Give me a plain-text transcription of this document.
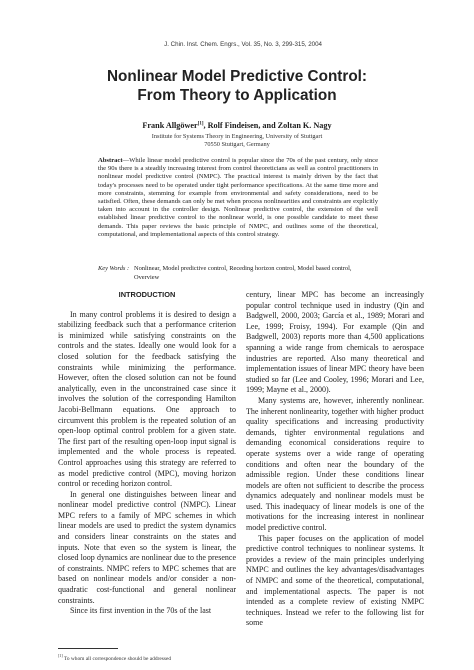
J. Chin. Inst. Chem. Engrs., Vol. 35, No. 3, 299-315, 2004
Nonlinear Model Predictive Control:
From Theory to Application
Frank Allgöwer[1], Rolf Findeisen, and Zoltan K. Nagy
Institute for Systems Theory in Engineering, University of Stuttgart
70550 Stuttgart, Germany
Abstract—While linear model predictive control is popular since the 70s of the past century, only since the 90s there is a steadily increasing interest from control theoreticians as well as control practitioners in nonlinear model predictive control (NMPC). The practical interest is mainly driven by the fact that today's processes need to be operated under tight performance specifications. At the same time more and more constraints, stemming for example from environmental and safety considerations, need to be satisfied. Often, these demands can only be met when process nonlinearities and constraints are explicitly taken into account in the controller design. Nonlinear predictive control, the extension of the well established linear predictive control to the nonlinear world, is one possible candidate to meet these demands. This paper reviews the basic principle of NMPC, and outlines some of the theoretical, computational, and implementational aspects of this control strategy.
Key Words : Nonlinear, Model predictive control, Receding horizon control, Model based control, Overview
INTRODUCTION

In many control problems it is desired to design a stabilizing feedback such that a performance criterion is minimized while satisfying constraints on the controls and the states. Ideally one would look for a closed solution for the feedback satisfying the constraints while minimizing the performance. However, often the closed solution can not be found analytically, even in the unconstrained case since it involves the solution of the corresponding Hamilton Jacobi-Bellmann equations. One approach to circumvent this problem is the repeated solution of an open-loop optimal control problem for a given state. The first part of the resulting open-loop input signal is implemented and the whole process is repeated. Control approaches using this strategy are referred to as model predictive control (MPC), moving horizon control or receding horizon control.

In general one distinguishes between linear and nonlinear model predictive control (NMPC). Linear MPC refers to a family of MPC schemes in which linear models are used to predict the system dynamics and considers linear constraints on the states and inputs. Note that even so the system is linear, the closed loop dynamics are nonlinear due to the presence of constraints. NMPC refers to MPC schemes that are based on nonlinear models and/or consider a non-quadratic cost-functional and general nonlinear constraints.

Since its first invention in the 70s of the last

century, linear MPC has become an increasingly popular control technique used in industry (Qin and Badgwell, 2000, 2003; García et al., 1989; Morari and Lee, 1999; Froisy, 1994). For example (Qin and Badgwell, 2003) reports more than 4,500 applications spanning a wide range from chemicals to aerospace industries are reported. Also many theoretical and implementation issues of linear MPC theory have been studied so far (Lee and Cooley, 1996; Morari and Lee, 1999; Mayne et al., 2000).

Many systems are, however, inherently nonlinear. The inherent nonlinearity, together with higher product quality specifications and increasing productivity demands, tighter environmental regulations and demanding economical considerations require to operate systems over a wide range of operating conditions and often near the boundary of the admissible region. Under these conditions linear models are often not sufficient to describe the process dynamics adequately and nonlinear models must be used. This inadequacy of linear models is one of the motivations for the increasing interest in nonlinear model predictive control.

This paper focuses on the application of model predictive control techniques to nonlinear systems. It provides a review of the main principles underlying NMPC and outlines the key advantages/disadvantages of NMPC and some of the theoretical, computational, and implementational aspects. The paper is not intended as a complete review of existing NMPC techniques. Instead we refer to the following list for some

[1] To whom all correspondence should be addressed
